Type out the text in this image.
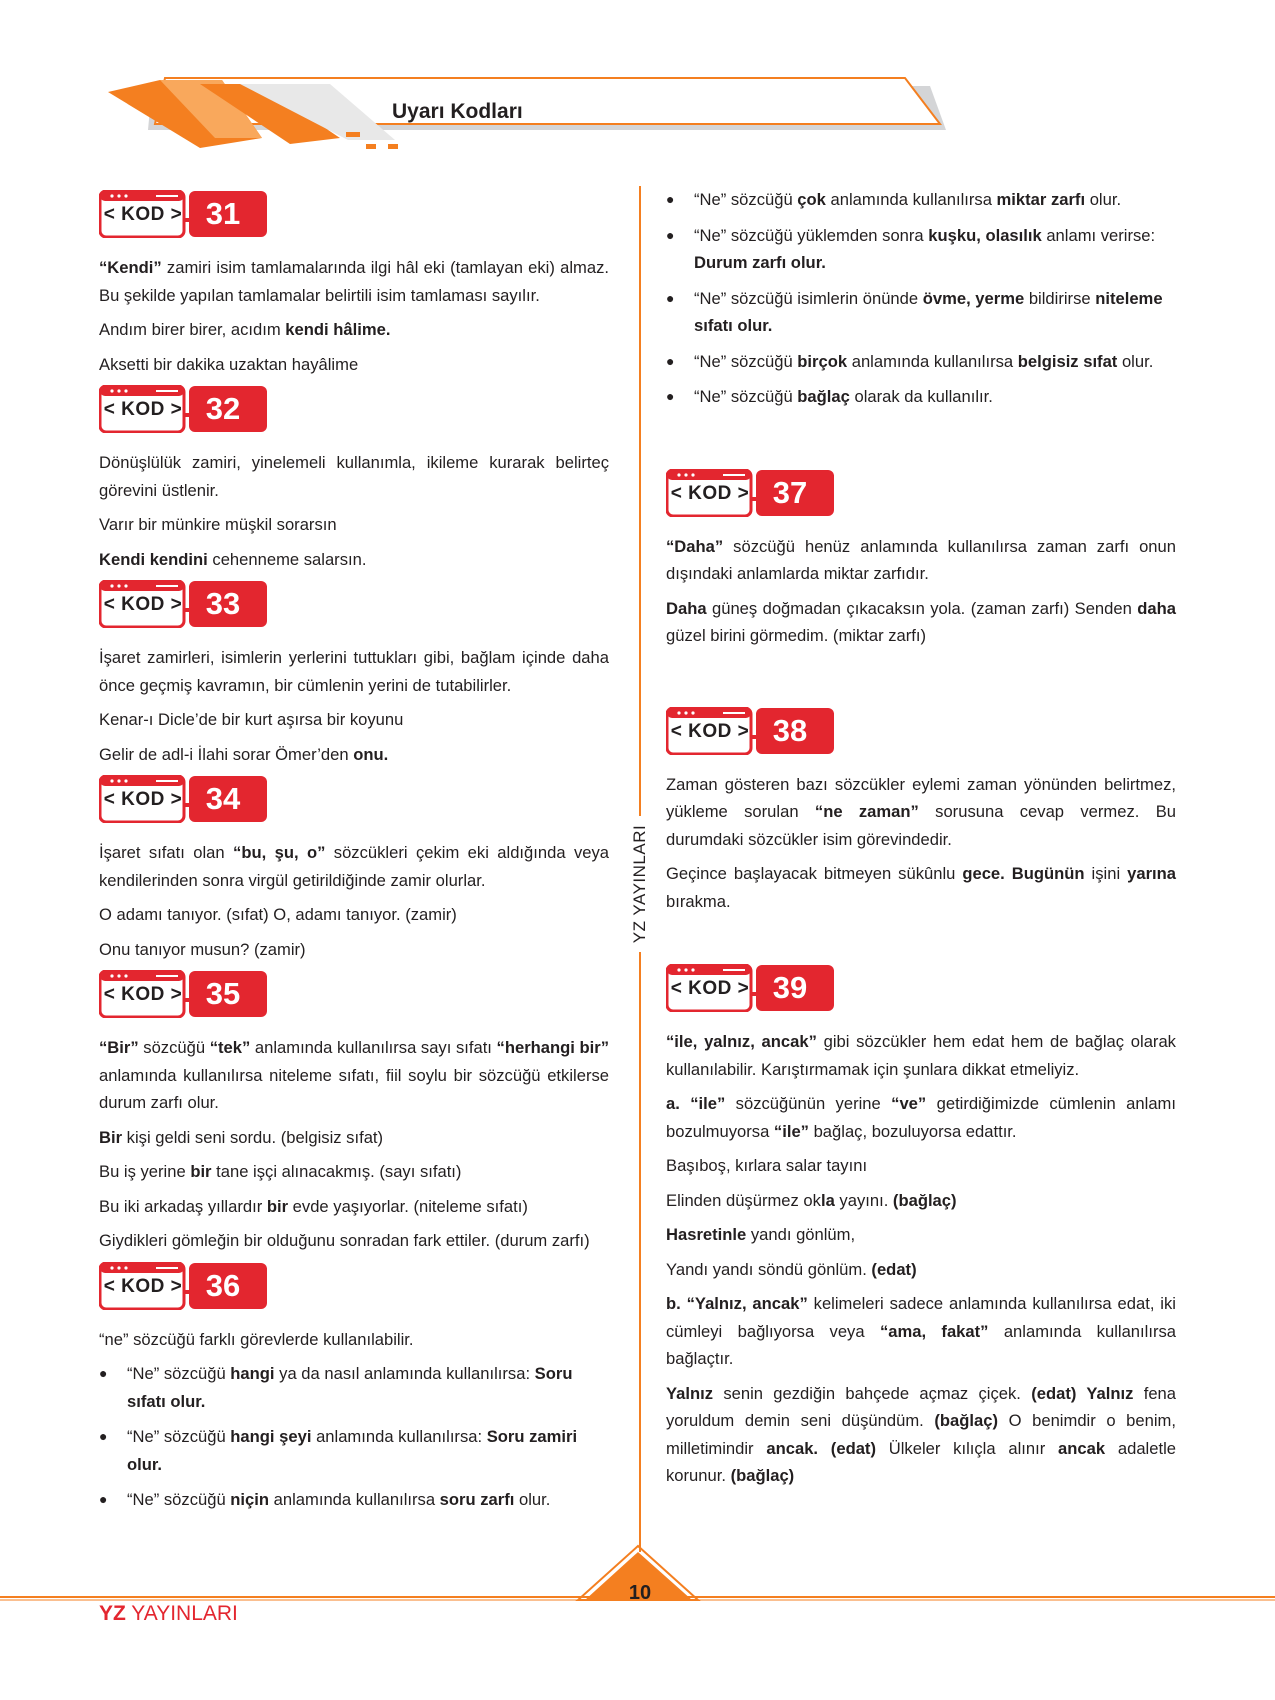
Uyarı Kodları
YZ YAYINLARI
< KOD > 31

“Kendi” zamiri isim tamlamalarında ilgi hâl eki (tamlayan eki) almaz. Bu şekilde yapılan tamlamalar belirtili isim tamlaması sayılır.

Andım birer birer, acıdım kendi hâlime.

Aksetti bir dakika uzaktan hayâlime

< KOD > 32

Dönüşlülük zamiri, yinelemeli kullanımla, ikileme kurarak belirteç görevini üstlenir.

Varır bir münkire müşkil sorarsın

Kendi kendini cehenneme salarsın.

< KOD > 33

İşaret zamirleri, isimlerin yerlerini tuttukları gibi, bağlam içinde daha önce geçmiş kavramın, bir cümlenin yerini de tutabilirler.

Kenar-ı Dicle’de bir kurt aşırsa bir koyunu

Gelir de adl-i İlahi sorar Ömer’den onu.

< KOD > 34

İşaret sıfatı olan “bu, şu, o” sözcükleri çekim eki aldığında veya kendilerinden sonra virgül getirildiğinde zamir olurlar.

O adamı tanıyor. (sıfat) O, adamı tanıyor. (zamir)

Onu tanıyor musun? (zamir)

< KOD > 35

“Bir” sözcüğü “tek” anlamında kullanılırsa sayı sıfatı “herhangi bir” anlamında kullanılırsa niteleme sıfatı, fiil soylu bir sözcüğü etkilerse durum zarfı olur.

Bir kişi geldi seni sordu. (belgisiz sıfat)

Bu iş yerine bir tane işçi alınacakmış. (sayı sıfatı)

Bu iki arkadaş yıllardır bir evde yaşıyorlar. (niteleme sıfatı)

Giydikleri gömleğin bir olduğunu sonradan fark ettiler. (durum zarfı)

< KOD > 36

“ne” sözcüğü farklı görevlerde kullanılabilir.

● “Ne” sözcüğü hangi ya da nasıl anlamında kullanılırsa: Soru sıfatı olur.
● “Ne” sözcüğü hangi şeyi anlamında kullanılırsa: Soru zamiri olur.
● “Ne” sözcüğü niçin anlamında kullanılırsa soru zarfı olur.
● “Ne” sözcüğü çok anlamında kullanılırsa miktar zarfı olur.
● “Ne” sözcüğü yüklemden sonra kuşku, olasılık anlamı verirse: Durum zarfı olur.
● “Ne” sözcüğü isimlerin önünde övme, yerme bildirirse niteleme sıfatı olur.
● “Ne” sözcüğü birçok anlamında kullanılırsa belgisiz sıfat olur.
● “Ne” sözcüğü bağlaç olarak da kullanılır.
< KOD > 37

“Daha” sözcüğü henüz anlamında kullanılırsa zaman zarfı onun dışındaki anlamlarda miktar zarfıdır.

Daha güneş doğmadan çıkacaksın yola. (zaman zarfı) Senden daha güzel birini görmedim. (miktar zarfı)

< KOD > 38

Zaman gösteren bazı sözcükler eylemi zaman yönünden belirtmez, yükleme sorulan “ne zaman” sorusuna cevap vermez. Bu durumdaki sözcükler isim görevindedir.

Geçince başlayacak bitmeyen sükûnlu gece. Bugünün işini yarına bırakma.

< KOD > 39

“ile, yalnız, ancak” gibi sözcükler hem edat hem de bağlaç olarak kullanılabilir. Karıştırmamak için şunlara dikkat etmeliyiz.

a. “ile” sözcüğünün yerine “ve” getirdiğimizde cümlenin anlamı bozulmuyorsa “ile” bağlaç, bozuluyorsa edattır.

Başıboş, kırlara salar tayını

Elinden düşürmez okla yayını. (bağlaç)

Hasretinle yandı gönlüm,

Yandı yandı söndü gönlüm. (edat)

b. “Yalnız, ancak” kelimeleri sadece anlamında kullanılırsa edat, iki cümleyi bağlıyorsa veya “ama, fakat” anlamında kullanılırsa bağlaçtır.

Yalnız senin gezdiğin bahçede açmaz çiçek. (edat) Yalnız fena yoruldum demin seni düşündüm. (bağlaç) O benimdir o benim, milletimindir ancak. (edat) Ülkeler kılıçla alınır ancak adaletle korunur. (bağlaç)

10
YZ YAYINLARI
